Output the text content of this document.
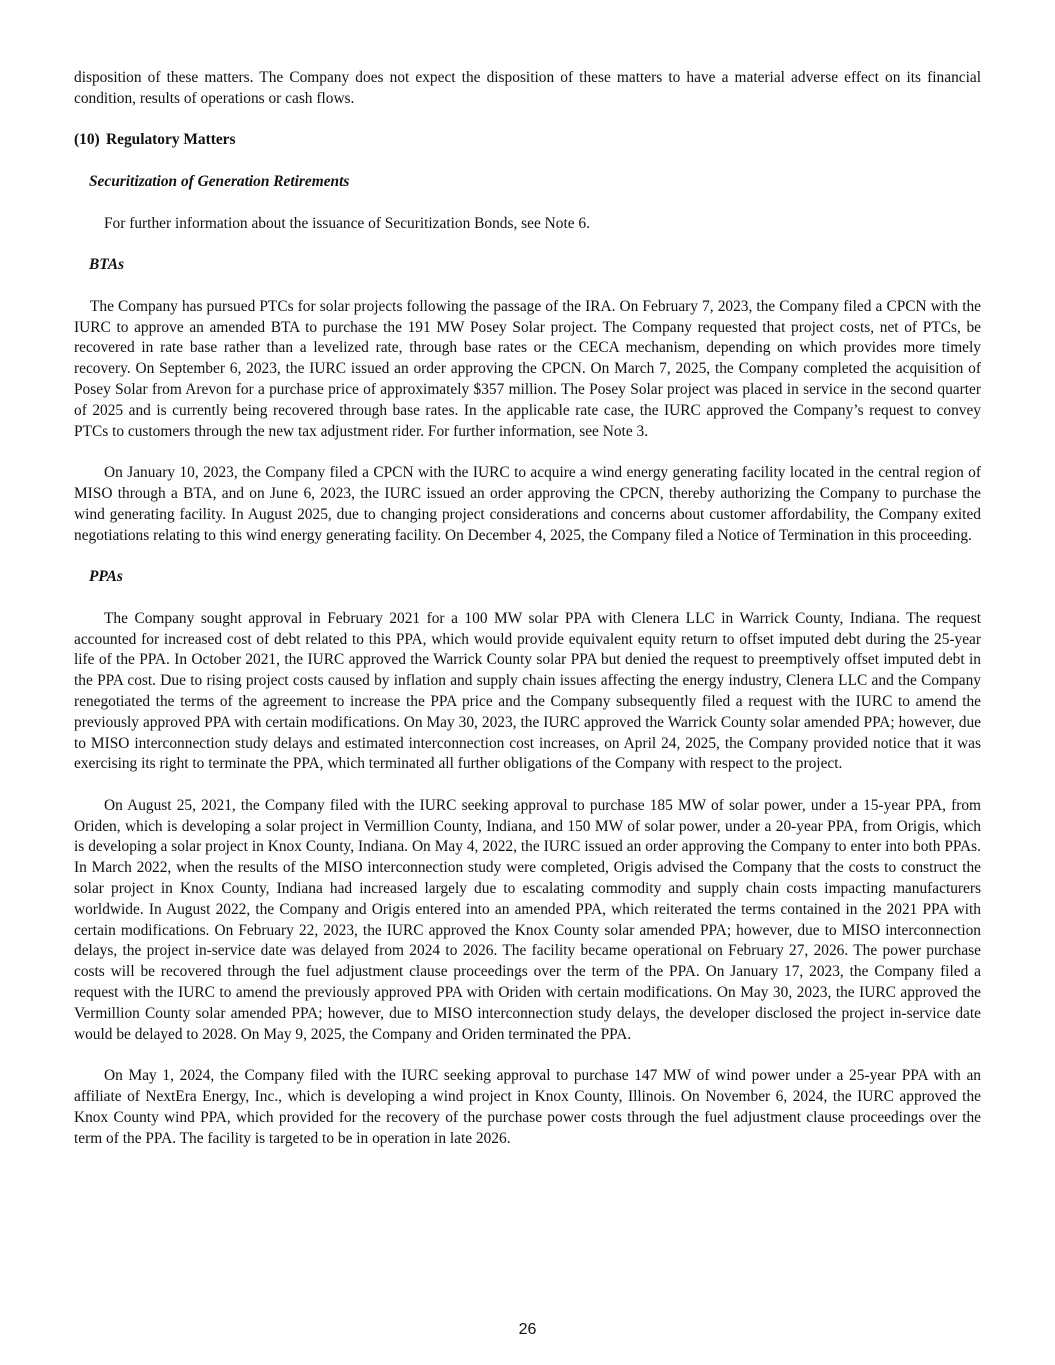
disposition of these matters. The Company does not expect the disposition of these matters to have a material adverse effect on its financial condition, results of operations or cash flows.

(10) Regulatory Matters

Securitization of Generation Retirements

For further information about the issuance of Securitization Bonds, see Note 6.

BTAs

The Company has pursued PTCs for solar projects following the passage of the IRA. On February 7, 2023, the Company filed a CPCN with the IURC to approve an amended BTA to purchase the 191 MW Posey Solar project. The Company requested that project costs, net of PTCs, be recovered in rate base rather than a levelized rate, through base rates or the CECA mechanism, depending on which provides more timely recovery. On September 6, 2023, the IURC issued an order approving the CPCN. On March 7, 2025, the Company completed the acquisition of Posey Solar from Arevon for a purchase price of approximately $357 million. The Posey Solar project was placed in service in the second quarter of 2025 and is currently being recovered through base rates. In the applicable rate case, the IURC approved the Company’s request to convey PTCs to customers through the new tax adjustment rider. For further information, see Note 3.

On January 10, 2023, the Company filed a CPCN with the IURC to acquire a wind energy generating facility located in the central region of MISO through a BTA, and on June 6, 2023, the IURC issued an order approving the CPCN, thereby authorizing the Company to purchase the wind generating facility. In August 2025, due to changing project considerations and concerns about customer affordability, the Company exited negotiations relating to this wind energy generating facility. On December 4, 2025, the Company filed a Notice of Termination in this proceeding.

PPAs

The Company sought approval in February 2021 for a 100 MW solar PPA with Clenera LLC in Warrick County, Indiana. The request accounted for increased cost of debt related to this PPA, which would provide equivalent equity return to offset imputed debt during the 25-year life of the PPA. In October 2021, the IURC approved the Warrick County solar PPA but denied the request to preemptively offset imputed debt in the PPA cost. Due to rising project costs caused by inflation and supply chain issues affecting the energy industry, Clenera LLC and the Company renegotiated the terms of the agreement to increase the PPA price and the Company subsequently filed a request with the IURC to amend the previously approved PPA with certain modifications. On May 30, 2023, the IURC approved the Warrick County solar amended PPA; however, due to MISO interconnection study delays and estimated interconnection cost increases, on April 24, 2025, the Company provided notice that it was exercising its right to terminate the PPA, which terminated all further obligations of the Company with respect to the project.

On August 25, 2021, the Company filed with the IURC seeking approval to purchase 185 MW of solar power, under a 15-year PPA, from Oriden, which is developing a solar project in Vermillion County, Indiana, and 150 MW of solar power, under a 20-year PPA, from Origis, which is developing a solar project in Knox County, Indiana. On May 4, 2022, the IURC issued an order approving the Company to enter into both PPAs. In March 2022, when the results of the MISO interconnection study were completed, Origis advised the Company that the costs to construct the solar project in Knox County, Indiana had increased largely due to escalating commodity and supply chain costs impacting manufacturers worldwide. In August 2022, the Company and Origis entered into an amended PPA, which reiterated the terms contained in the 2021 PPA with certain modifications. On February 22, 2023, the IURC approved the Knox County solar amended PPA; however, due to MISO interconnection delays, the project in-service date was delayed from 2024 to 2026. The facility became operational on February 27, 2026. The power purchase costs will be recovered through the fuel adjustment clause proceedings over the term of the PPA. On January 17, 2023, the Company filed a request with the IURC to amend the previously approved PPA with Oriden with certain modifications. On May 30, 2023, the IURC approved the Vermillion County solar amended PPA; however, due to MISO interconnection study delays, the developer disclosed the project in-service date would be delayed to 2028. On May 9, 2025, the Company and Oriden terminated the PPA.

On May 1, 2024, the Company filed with the IURC seeking approval to purchase 147 MW of wind power under a 25-year PPA with an affiliate of NextEra Energy, Inc., which is developing a wind project in Knox County, Illinois. On November 6, 2024, the IURC approved the Knox County wind PPA, which provided for the recovery of the purchase power costs through the fuel adjustment clause proceedings over the term of the PPA. The facility is targeted to be in operation in late 2026.

26
